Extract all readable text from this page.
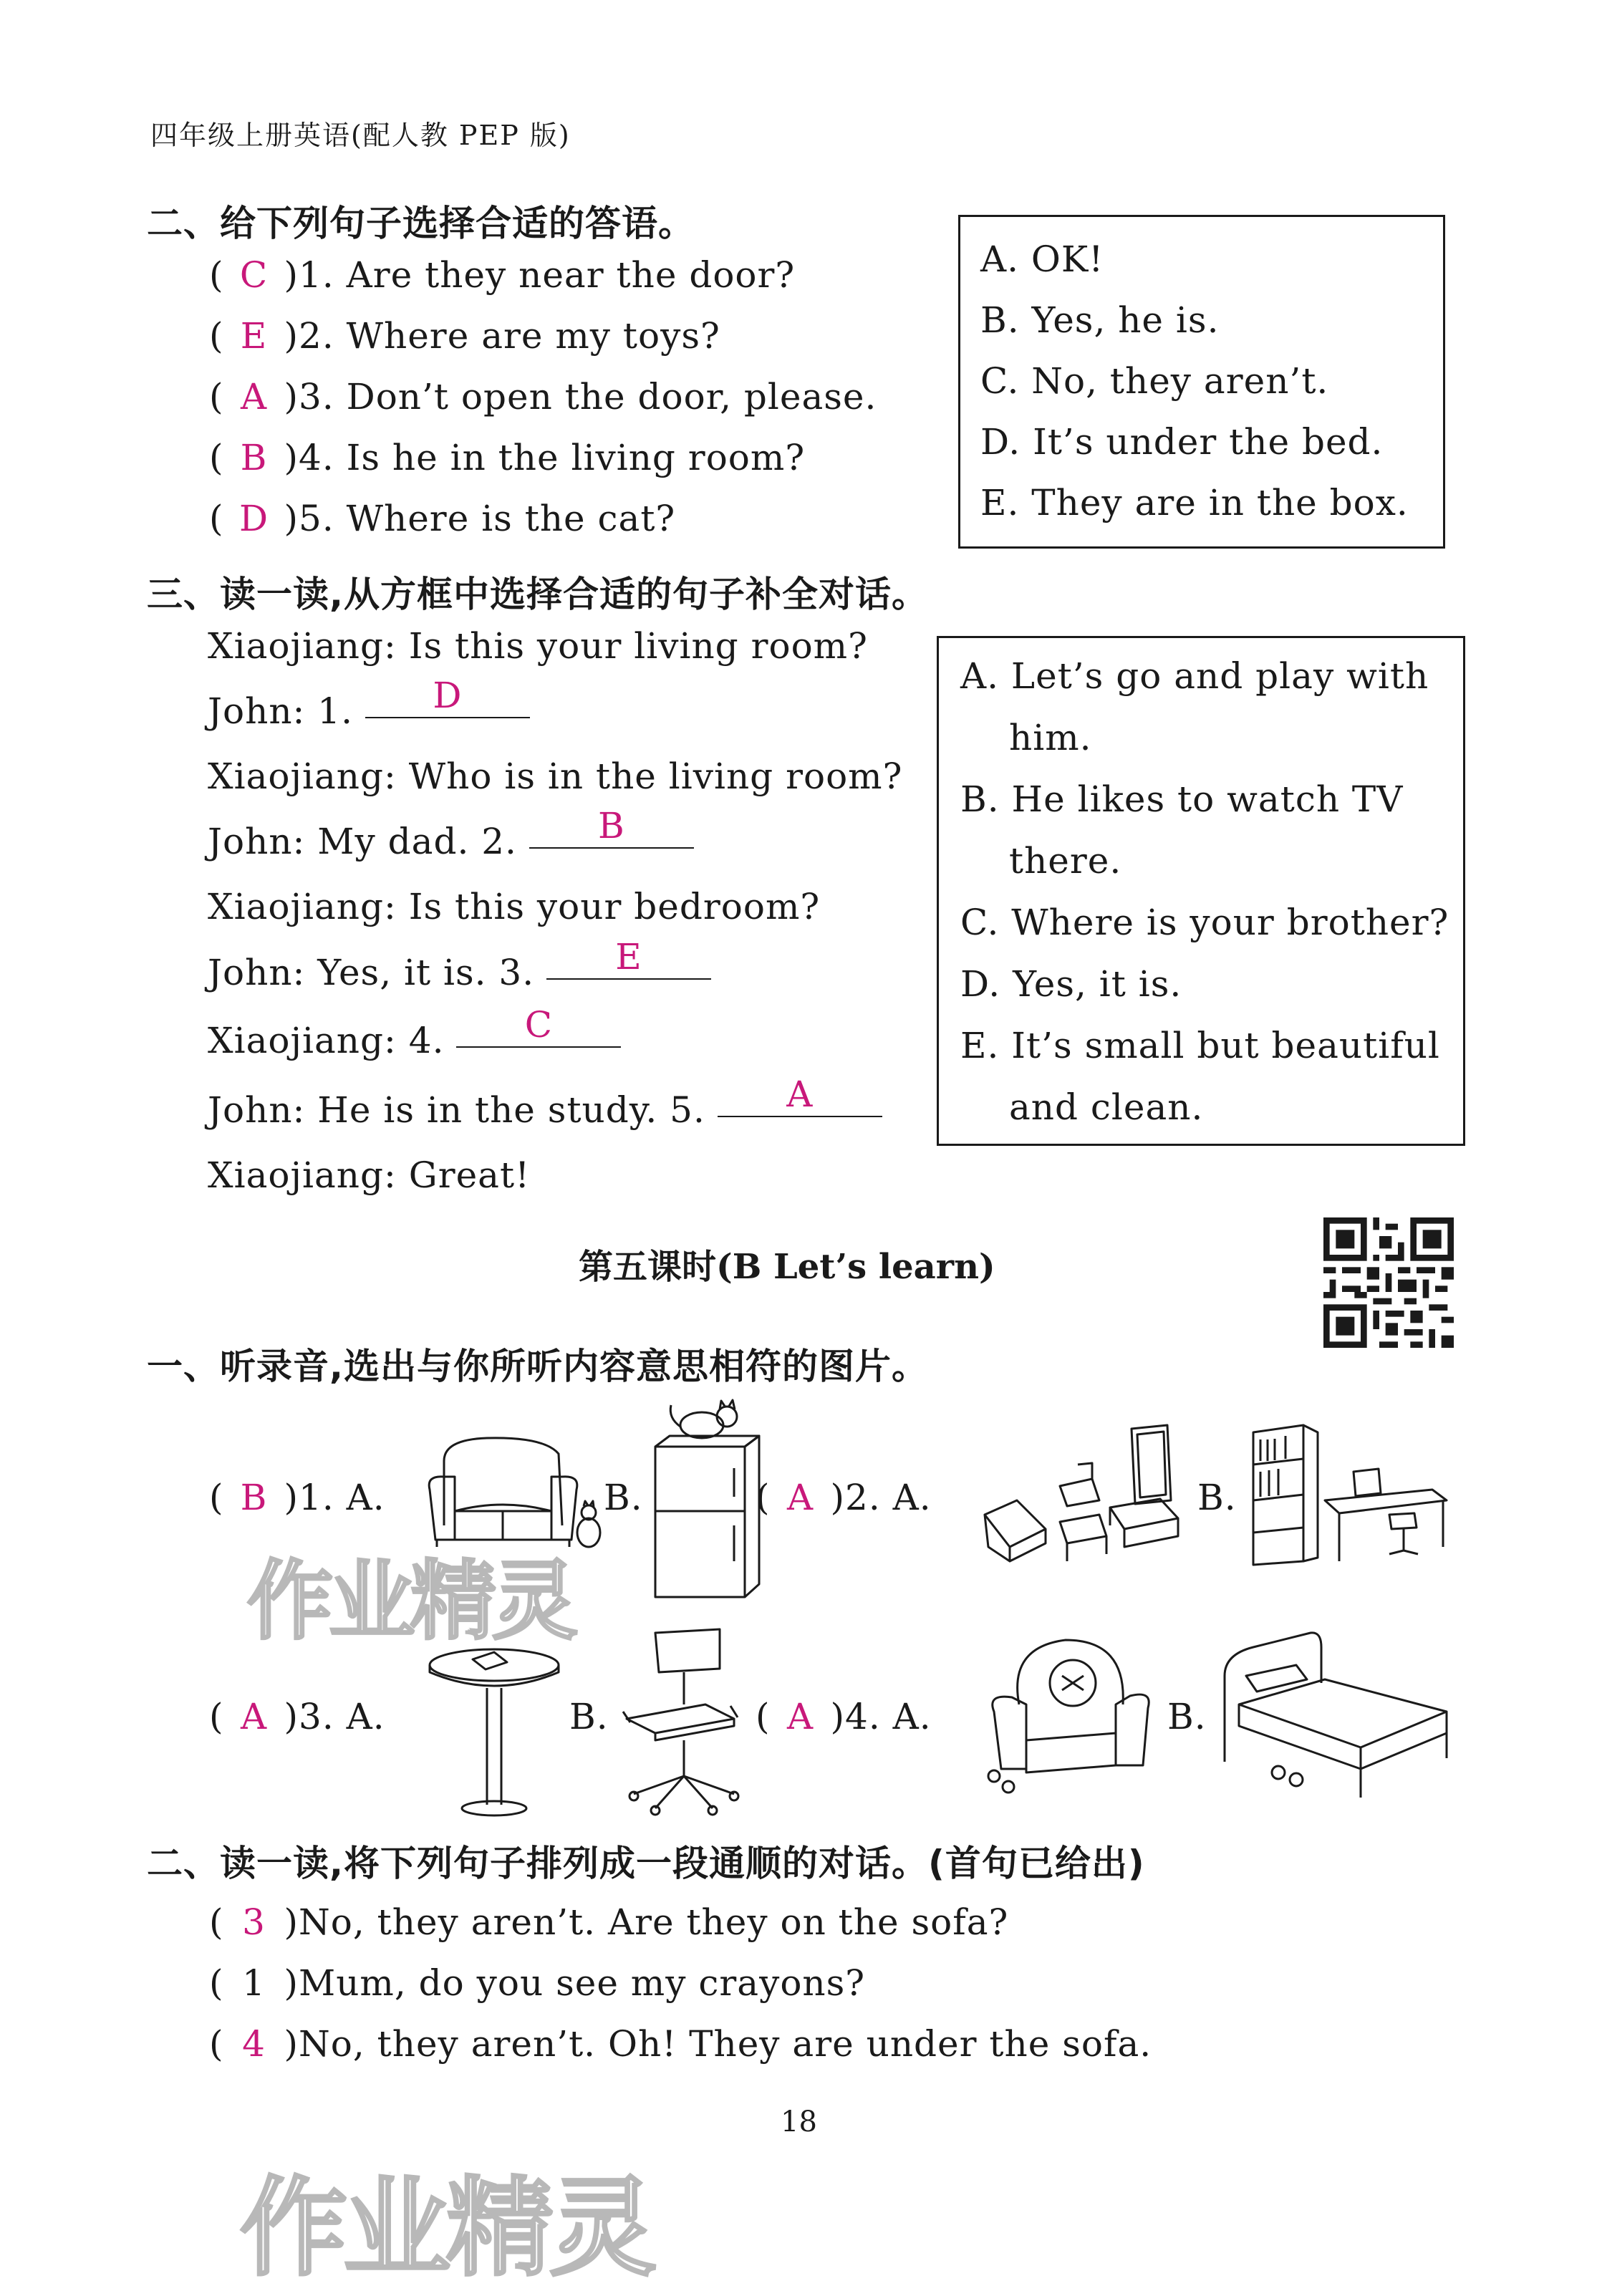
四年级上册英语(配人教 PEP 版)
二、给下列句子选择合适的答语。
( C )1. Are they near the door?
( E )2. Where are my toys?
( A )3. Don’t open the door, please.
( B )4. Is he in the living room?
( D )5. Where is the cat?
A. OK!
B. Yes, he is.
C. No, they aren’t.
D. It’s under the bed.
E. They are in the box.
三、读一读,从方框中选择合适的句子补全对话。
Xiaojiang: Is this your living room?
John: 1. D
Xiaojiang: Who is in the living room?
John: My dad. 2. B
Xiaojiang: Is this your bedroom?
John: Yes, it is. 3. E
Xiaojiang: 4. C
John: He is in the study. 5. A
Xiaojiang: Great!
A. Let’s go and play with
him.
B. He likes to watch TV
there.
C. Where is your brother?
D. Yes, it is.
E. It’s small but beautiful
and clean.
第五课时(B Let’s learn)
一、听录音,选出与你所听内容意思相符的图片。
( B )1. A.	B.	( A )2. A.	B.
( A )3. A.	B.	( A )4. A.	B.
二、读一读,将下列句子排列成一段通顺的对话。(首句已给出)
( 3 )No, they aren’t. Are they on the sofa?
( 1 )Mum, do you see my crayons?
( 4 )No, they aren’t. Oh! They are under the sofa.
18
作业精灵
作业精灵
